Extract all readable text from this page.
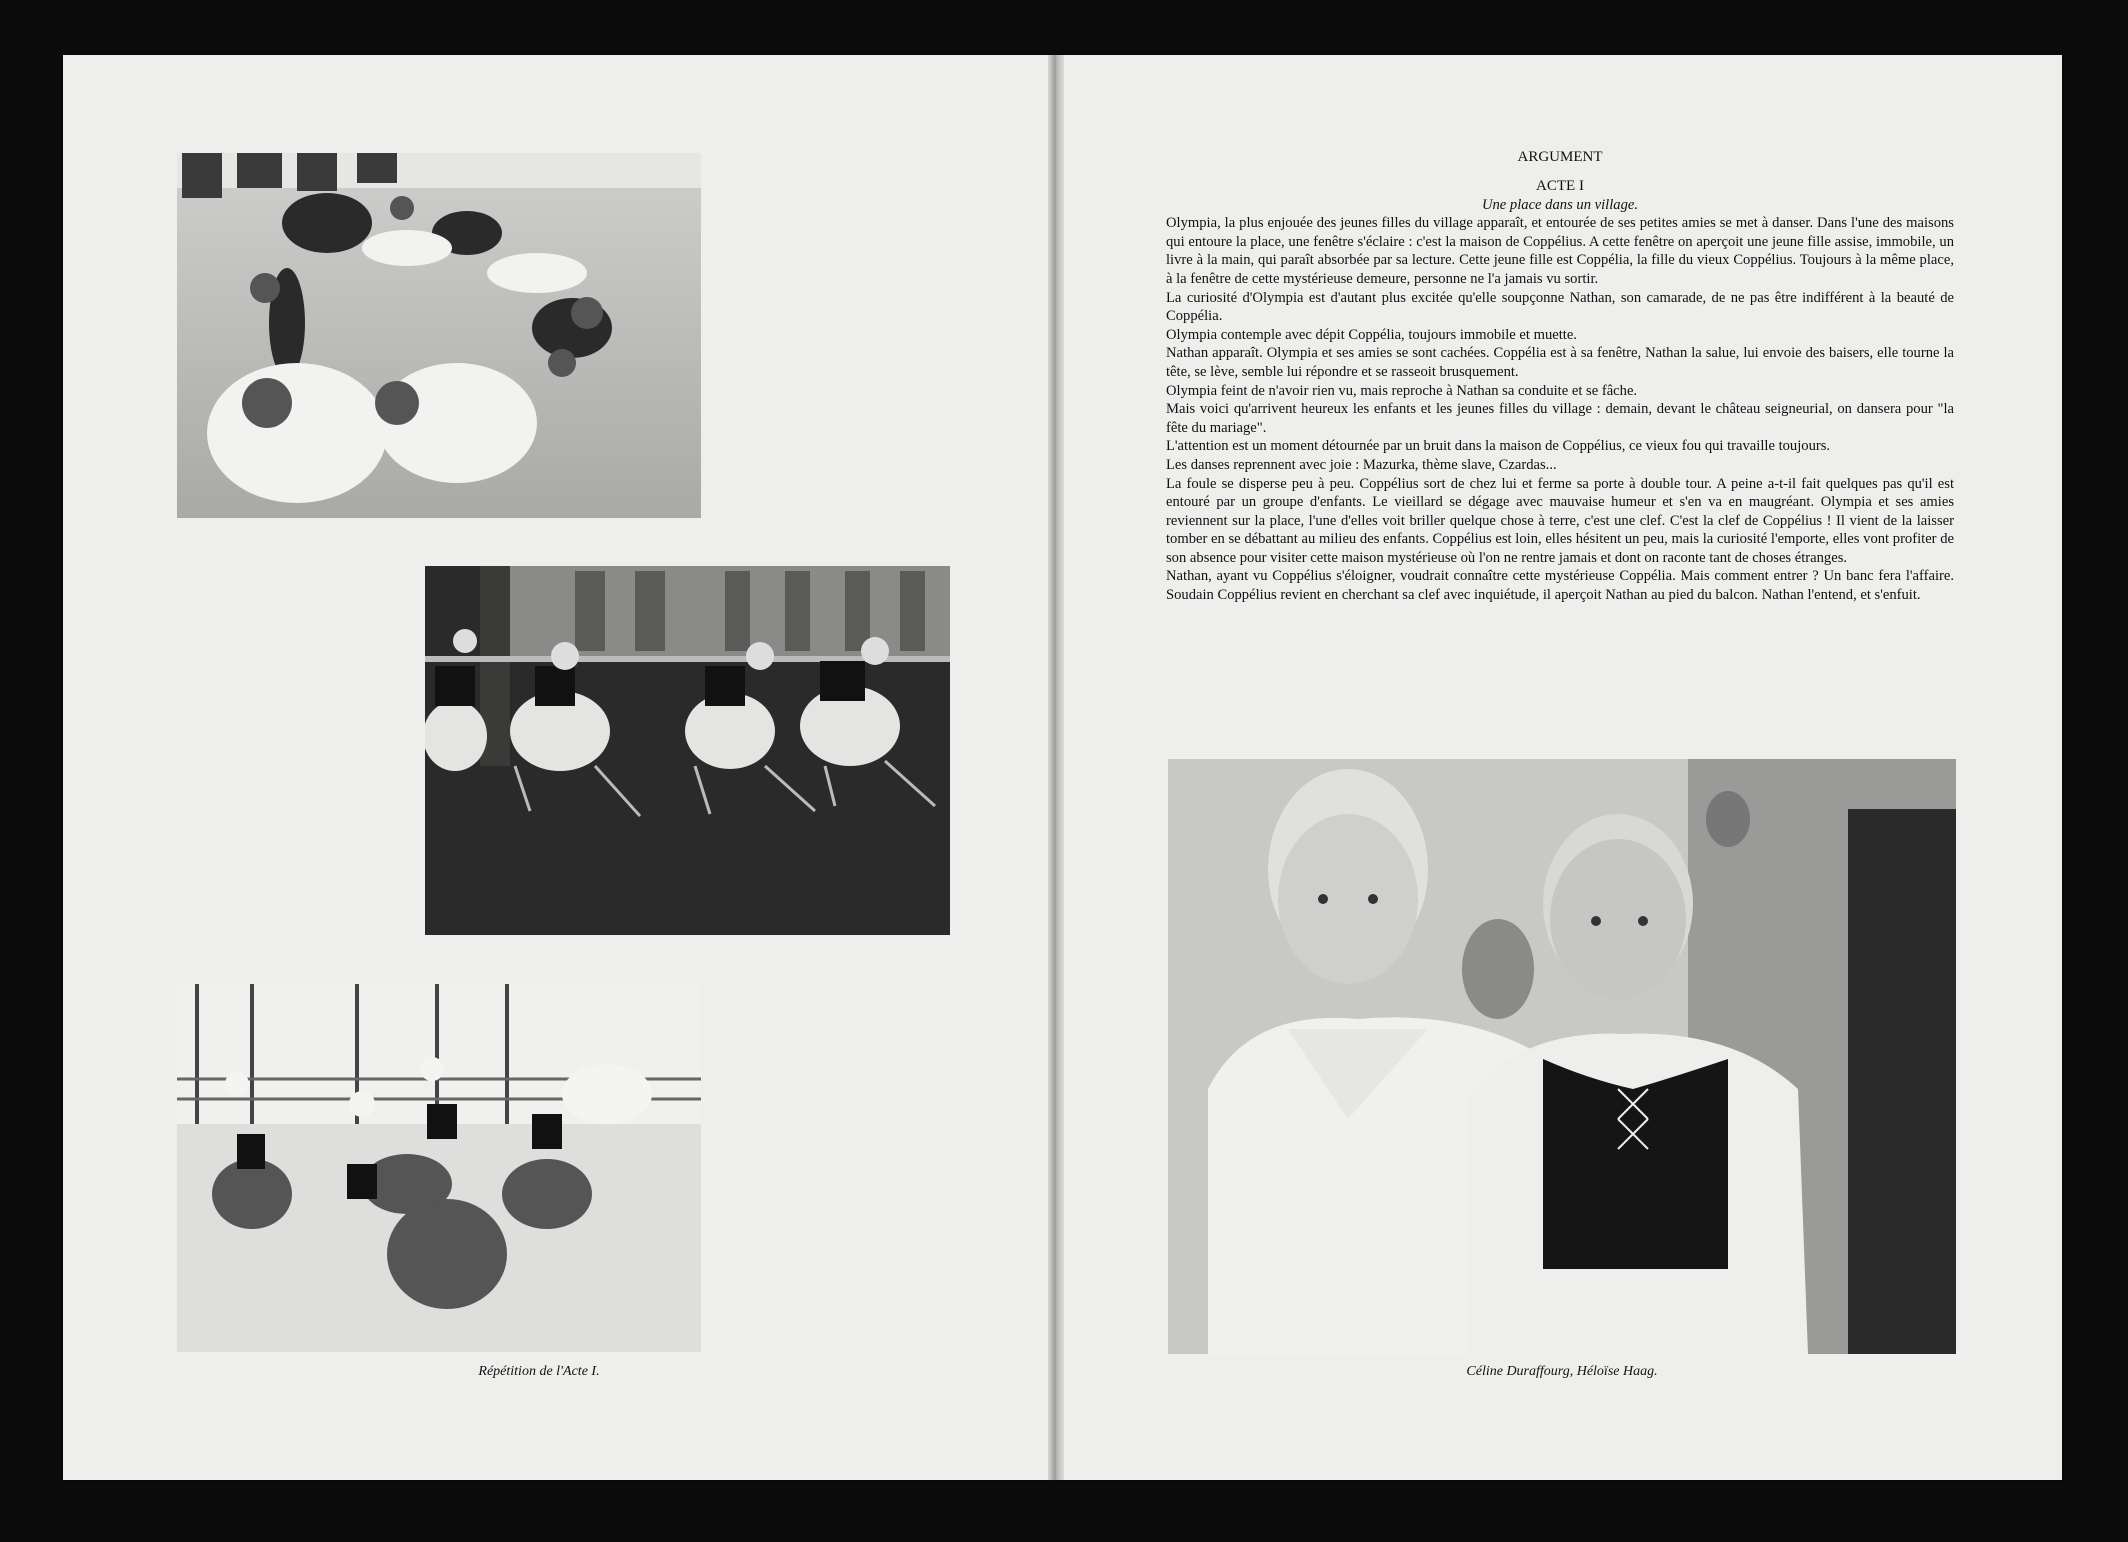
Répétition de l'Acte I.

ARGUMENT

ACTE I

Une place dans un village.

Olympia, la plus enjouée des jeunes filles du village apparaît, et entourée de ses petites amies se met à danser. Dans l'une des maisons qui entoure la place, une fenêtre s'éclaire : c'est la maison de Coppélius. A cette fenêtre on aperçoit une jeune fille assise, immobile, un livre à la main, qui paraît absorbée par sa lecture. Cette jeune fille est Coppélia, la fille du vieux Coppélius. Toujours à la même place, à la fenêtre de cette mystérieuse demeure, personne ne l'a jamais vu sortir.

La curiosité d'Olympia est d'autant plus excitée qu'elle soupçonne Nathan, son camarade, de ne pas être indifférent à la beauté de Coppélia.

Olympia contemple avec dépit Coppélia, toujours immobile et muette.

Nathan apparaît. Olympia et ses amies se sont cachées. Coppélia est à sa fenêtre, Nathan la salue, lui envoie des baisers, elle tourne la tête, se lève, semble lui répondre et se rasseoit brusquement.

Olympia feint de n'avoir rien vu, mais reproche à Nathan sa conduite et se fâche.

Mais voici qu'arrivent heureux les enfants et les jeunes filles du village : demain, devant le château seigneurial, on dansera pour "la fête du mariage".

L'attention est un moment détournée par un bruit dans la maison de Coppélius, ce vieux fou qui travaille toujours.

Les danses reprennent avec joie : Mazurka, thème slave, Czardas...

La foule se disperse peu à peu. Coppélius sort de chez lui et ferme sa porte à double tour. A peine a-t-il fait quelques pas qu'il est entouré par un groupe d'enfants. Le vieillard se dégage avec mauvaise humeur et s'en va en maugréant. Olympia et ses amies reviennent sur la place, l'une d'elles voit briller quelque chose à terre, c'est une clef. C'est la clef de Coppélius ! Il vient de la laisser tomber en se débattant au milieu des enfants. Coppélius est loin, elles hésitent un peu, mais la curiosité l'emporte, elles vont profiter de son absence pour visiter cette maison mystérieuse où l'on ne rentre jamais et dont on raconte tant de choses étranges.

Nathan, ayant vu Coppélius s'éloigner, voudrait connaître cette mystérieuse Coppélia. Mais comment entrer ? Un banc fera l'affaire. Soudain Coppélius revient en cherchant sa clef avec inquiétude, il aperçoit Nathan au pied du balcon. Nathan l'entend, et s'enfuit.

Céline Duraffourg, Héloïse Haag.
